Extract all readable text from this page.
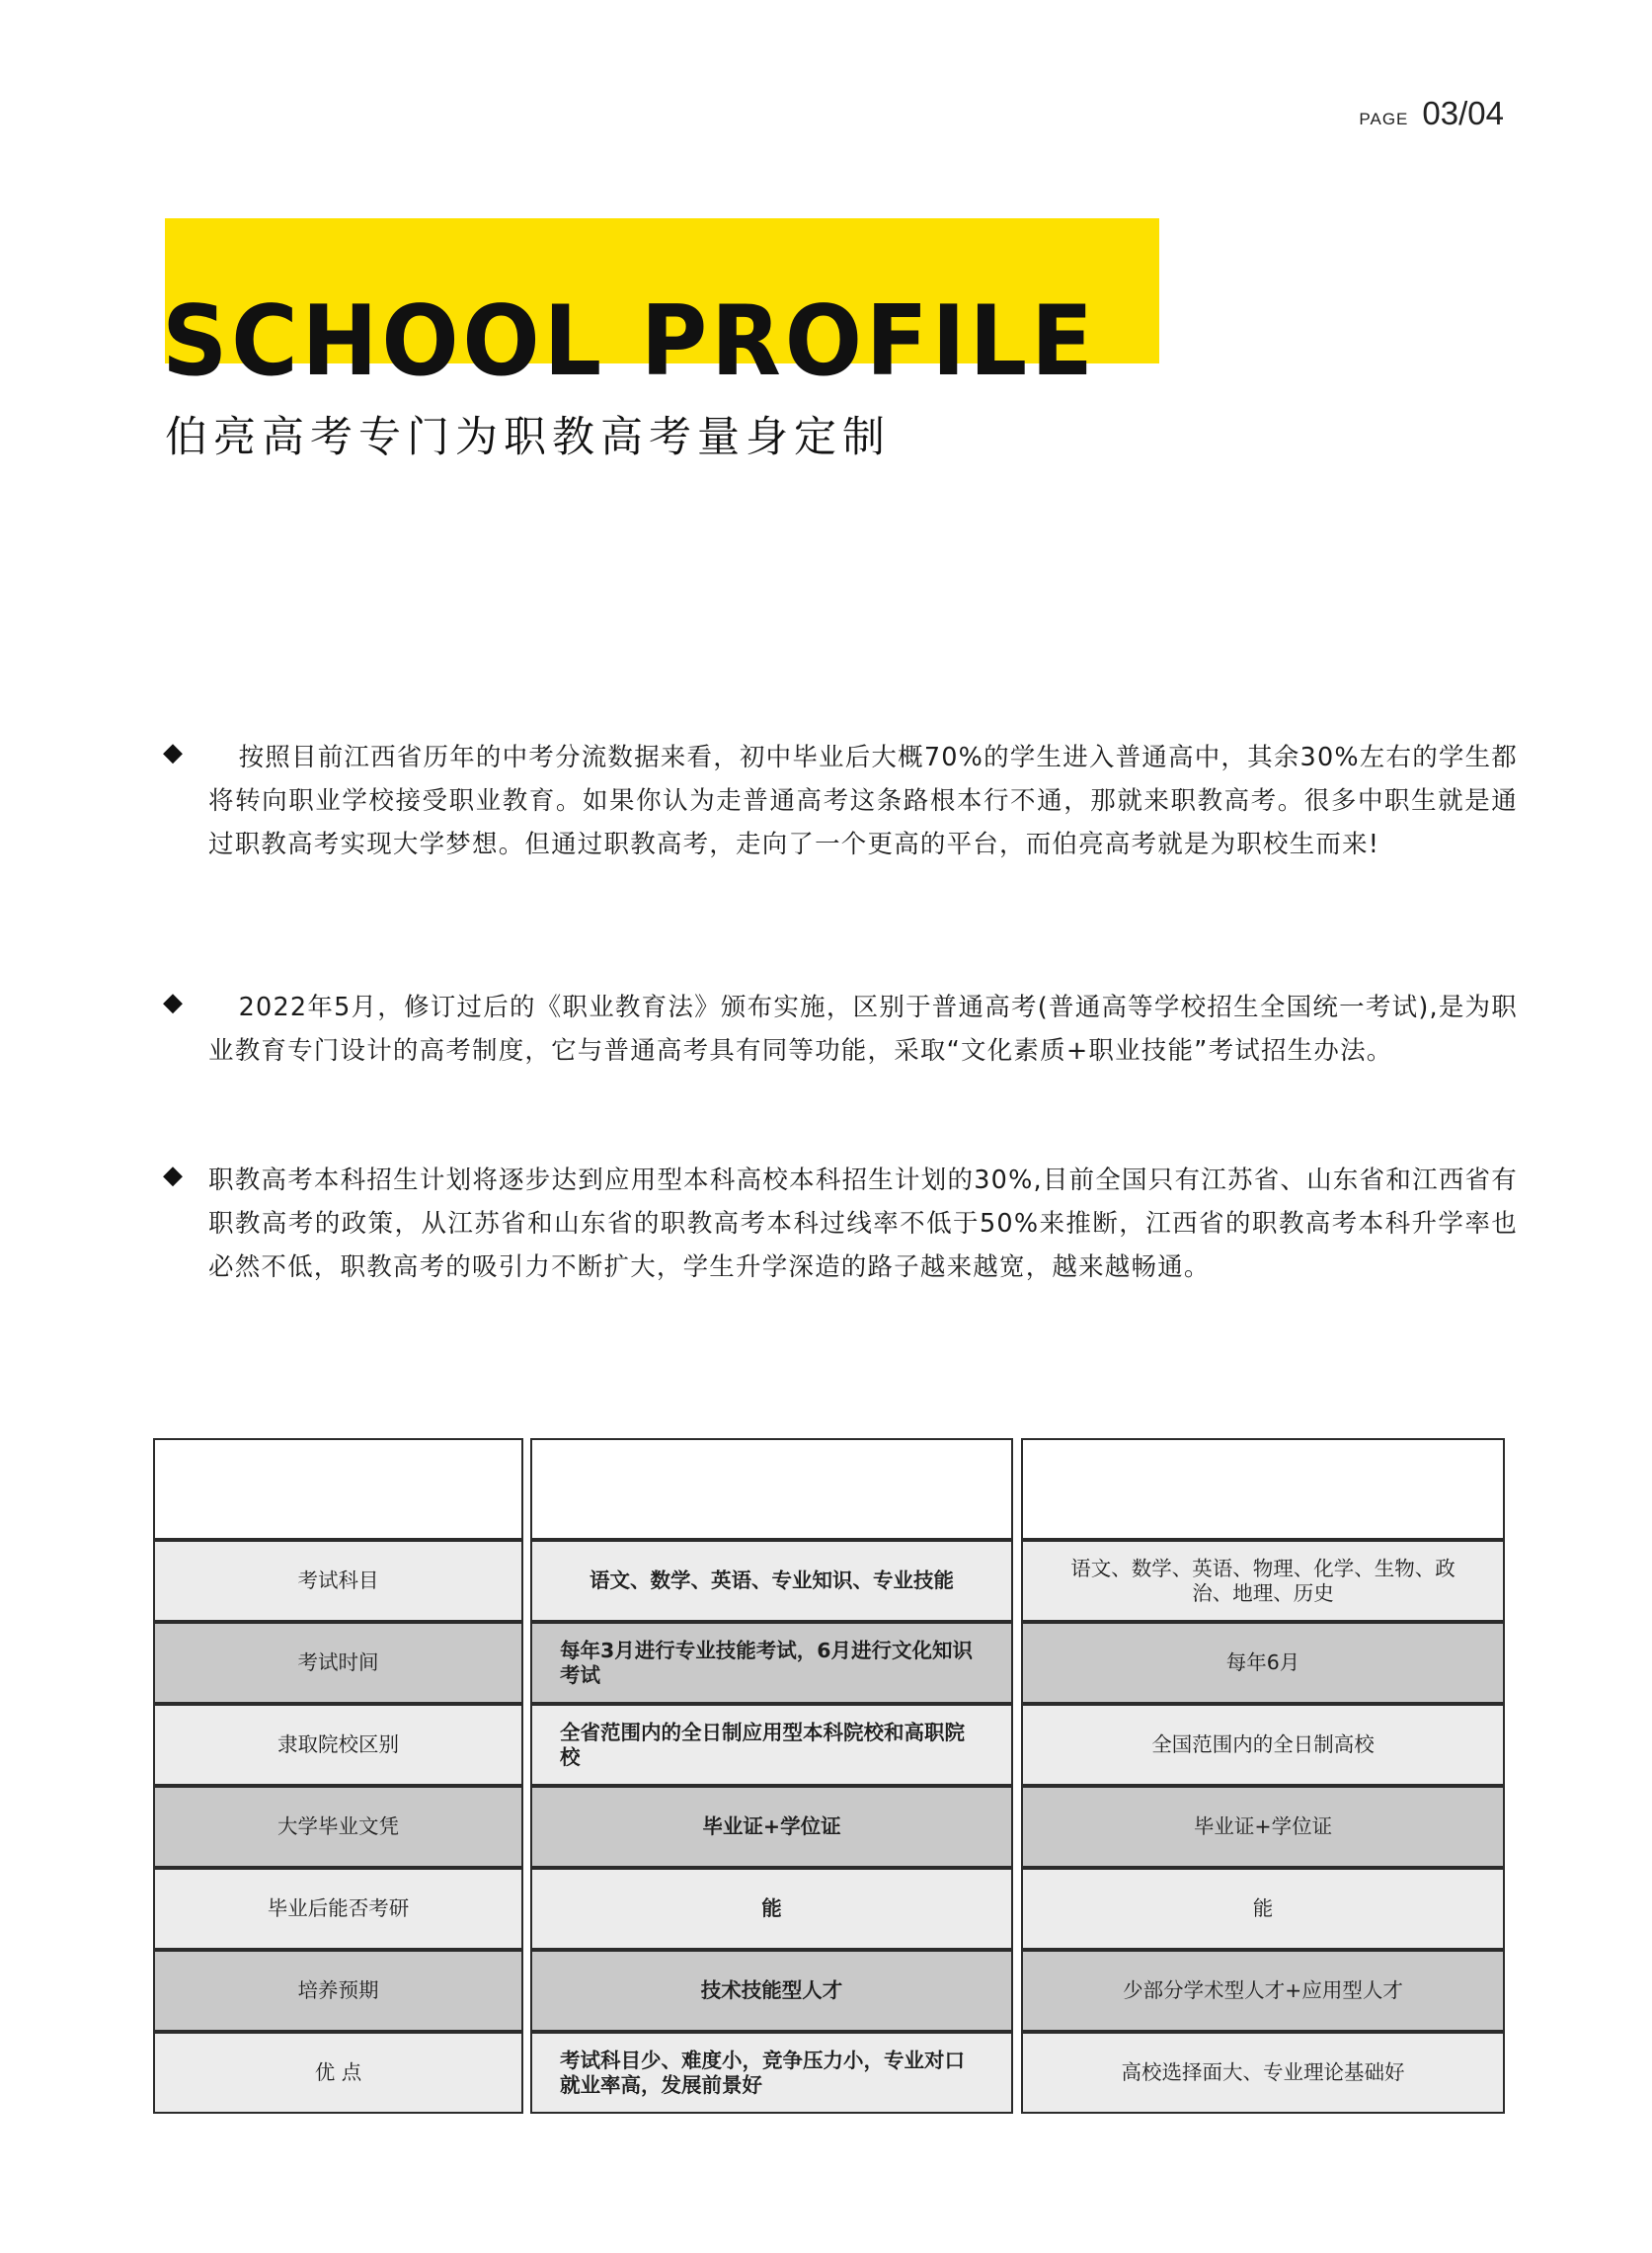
PAGE 03/04
SCHOOL PROFILE
伯亮高考专门为职教高考量身定制
◆	按照目前江西省历年的中考分流数据来看，初中毕业后大概70%的学生进入普通高中，其余30%左右的学生都将转向职业学校接受职业教育。如果你认为走普通高考这条路根本行不通，那就来职教高考。很多中职生就是通过职教高考实现大学梦想。但通过职教高考，走向了一个更高的平台，而伯亮高考就是为职校生而来!

◆	2022年5月，修订过后的《职业教育法》颁布实施，区别于普通高考(普通高等学校招生全国统一考试),是为职业教育专门设计的高考制度，它与普通高考具有同等功能，采取“文化素质+职业技能”考试招生办法。

◆ 职教高考本科招生计划将逐步达到应用型本科高校本科招生计划的30%,目前全国只有江苏省、山东省和江西省有职教高考的政策，从江苏省和山东省的职教高考本科过线率不低于50%来推断，江西省的职教高考本科升学率也必然不低，职教高考的吸引力不断扩大，学生升学深造的路子越来越宽，越来越畅通。

考试科目
考试时间
隶取院校区别
大学毕业文凭
毕业后能否考研
培养预期
优 点
语文、数学、英语、专业知识、专业技能
每年3月进行专业技能考试，6月进行文化知识考试
全省范围内的全日制应用型本科院校和高职院校
毕业证+学位证
能
技术技能型人才
考试科目少、难度小，竞争压力小，专业对口就业率高，发展前景好
语文、数学、英语、物理、化学、生物、政治、地理、历史
每年6月
全国范围内的全日制高校
毕业证+学位证
能
少部分学术型人才+应用型人才
高校选择面大、专业理论基础好
